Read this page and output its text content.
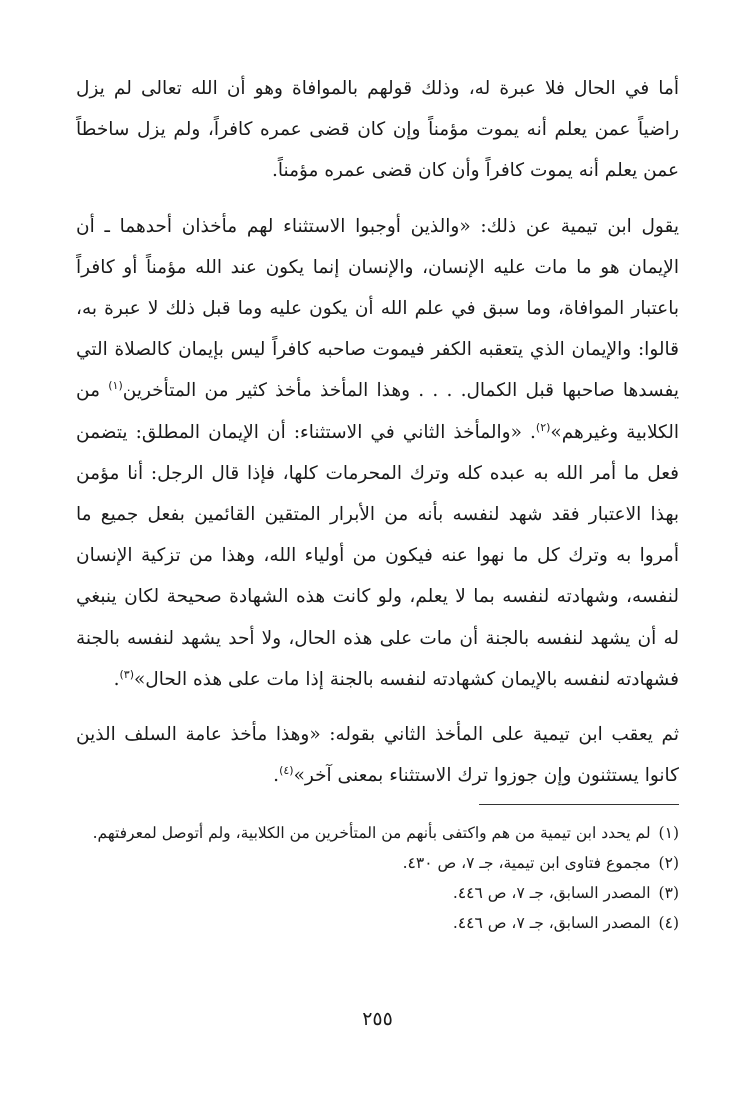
أما في الحال فلا عبرة له، وذلك قولهم بالموافاة وهو أن الله تعالى لم يزل راضياً عمن يعلم أنه يموت مؤمناً وإن كان قضى عمره كافراً، ولم يزل ساخطاً عمن يعلم أنه يموت كافراً وأن كان قضى عمره مؤمناً.

يقول ابن تيمية عن ذلك: «والذين أوجبوا الاستثناء لهم مأخذان أحدهما ـ أن الإيمان هو ما مات عليه الإنسان، والإنسان إنما يكون عند الله مؤمناً أو كافراً باعتبار الموافاة، وما سبق في علم الله أن يكون عليه وما قبل ذلك لا عبرة به، قالوا: والإيمان الذي يتعقبه الكفر فيموت صاحبه كافراً ليس بإيمان كالصلاة التي يفسدها صاحبها قبل الكمال. . . . وهذا المأخذ مأخذ كثير من المتأخرين$^{(١)}$ من الكلابية وغيرهم»$^{(٢)}$. «والمأخذ الثاني في الاستثناء: أن الإيمان المطلق: يتضمن فعل ما أمر الله به عبده كله وترك المحرمات كلها، فإذا قال الرجل: أنا مؤمن بهذا الاعتبار فقد شهد لنفسه بأنه من الأبرار المتقين القائمين بفعل جميع ما أمروا به وترك كل ما نهوا عنه فيكون من أولياء الله، وهذا من تزكية الإنسان لنفسه، وشهادته لنفسه بما لا يعلم، ولو كانت هذه الشهادة صحيحة لكان ينبغي له أن يشهد لنفسه بالجنة أن مات على هذه الحال، ولا أحد يشهد لنفسه بالجنة فشهادته لنفسه بالإيمان كشهادته لنفسه بالجنة إذا مات على هذه الحال»$^{(٣)}$.

ثم يعقب ابن تيمية على المأخذ الثاني بقوله: «وهذا مأخذ عامة السلف الذين كانوا يستثنون وإن جوزوا ترك الاستثناء بمعنى آخر»$^{(٤)}$.

(١)
لم يحدد ابن تيمية من هم واكتفى بأنهم من المتأخرين من الكلابية، ولم أتوصل لمعرفتهم.
(٢)
مجموع فتاوى ابن تيمية، جـ ٧، ص ٤٣٠.
(٣)
المصدر السابق، جـ ٧، ص ٤٤٦.
(٤)
المصدر السابق، جـ ٧، ص ٤٤٦.
٢٥٥
